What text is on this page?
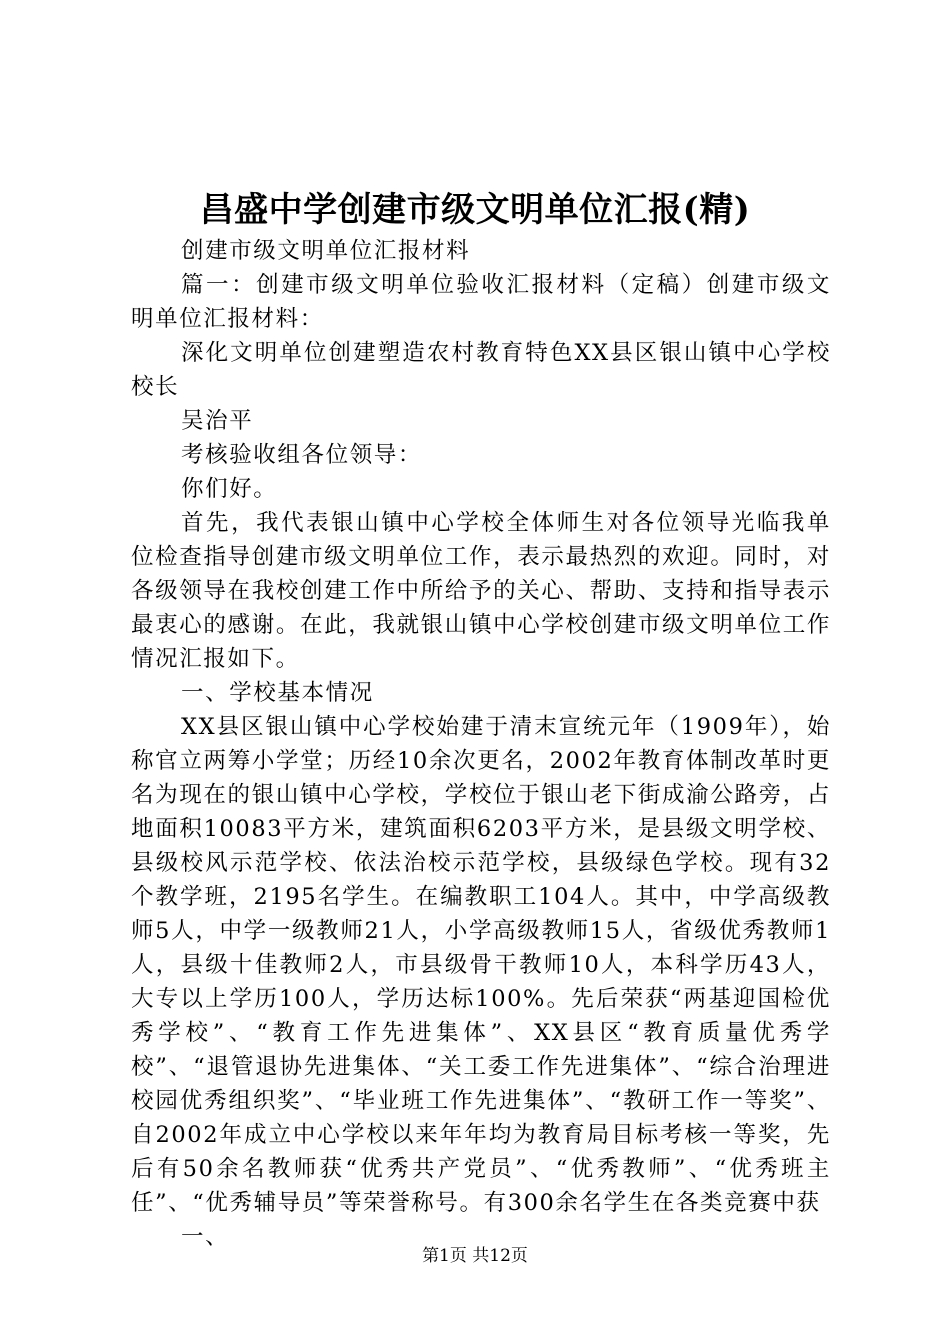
昌盛中学创建市级文明单位汇报(精)

创建市级文明单位汇报材料

篇一：创建市级文明单位验收汇报材料（定稿）创建市级文明单位汇报材料：

深化文明单位创建塑造农村教育特色XX县区银山镇中心学校校长

吴治平

考核验收组各位领导：

你们好。

首先，我代表银山镇中心学校全体师生对各位领导光临我单位检查指导创建市级文明单位工作，表示最热烈的欢迎。同时，对各级领导在我校创建工作中所给予的关心、帮助、支持和指导表示最衷心的感谢。在此，我就银山镇中心学校创建市级文明单位工作情况汇报如下。

一、学校基本情况

XX县区银山镇中心学校始建于清末宣统元年（1909年），始称官立两筹小学堂；历经10余次更名，2002年教育体制改革时更名为现在的银山镇中心学校，学校位于银山老下街成渝公路旁，占地面积10083平方米，建筑面积6203平方米，是县级文明学校、县级校风示范学校、依法治校示范学校，县级绿色学校。现有32个教学班，2195名学生。在编教职工104人。其中，中学高级教师5人，中学一级教师21人，小学高级教师15人，省级优秀教师1人，县级十佳教师2人，市县级骨干教师10人，本科学历43人，大专以上学历100人，学历达标100%。先后荣获“两基迎国检优秀学校”、“教育工作先进集体”、XX县区“教育质量优秀学校”、“退管退协先进集体、“关工委工作先进集体”、“综合治理进校园优秀组织奖”、“毕业班工作先进集体”、“教研工作一等奖”、自2002年成立中心学校以来年年均为教育局目标考核一等奖，先后有50余名教师获“优秀共产党员”、“优秀教师”、“优秀班主任”、“优秀辅导员”等荣誉称号。有300余名学生在各类竞赛中获

一、

第1页 共12页
